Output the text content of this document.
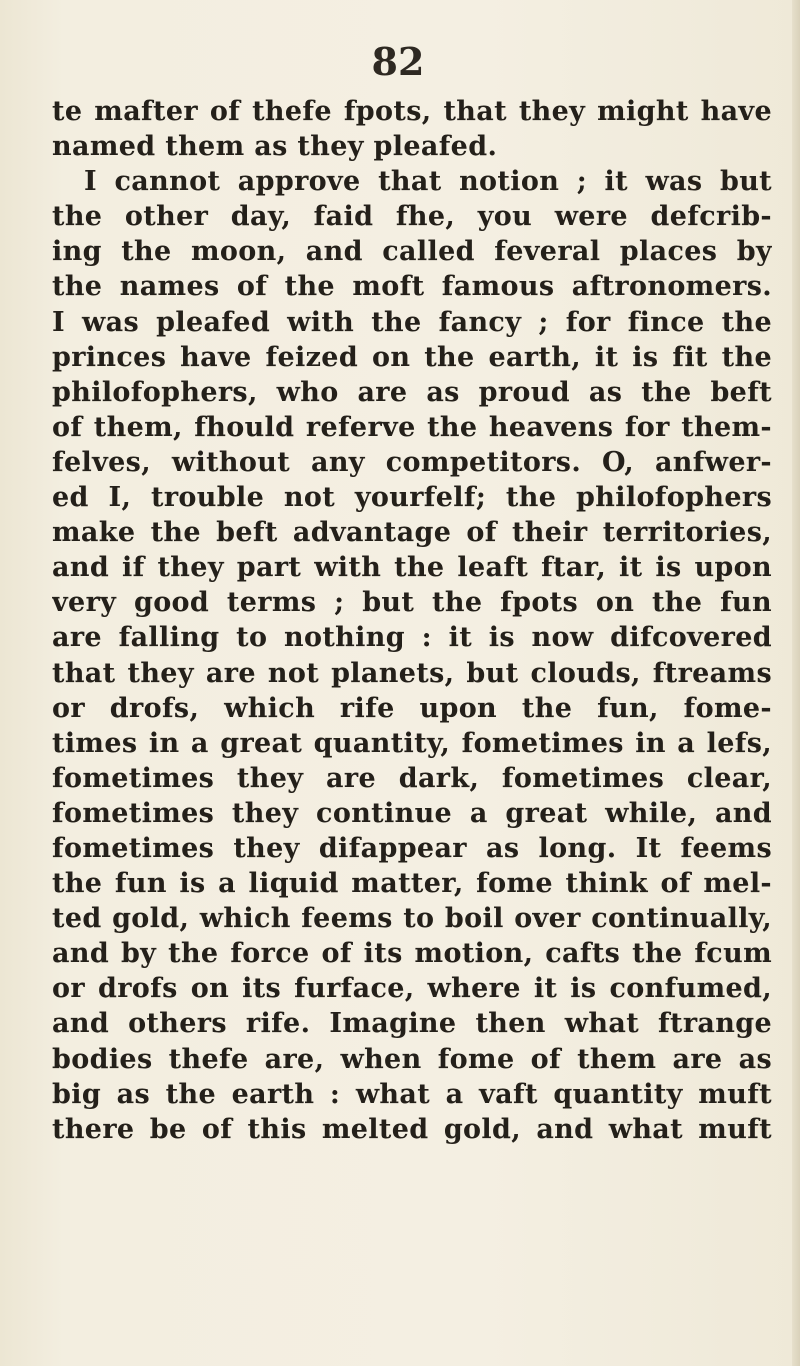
82
te mafter of thefe fpots, that they might have
named them as they pleafed.
I cannot approve that notion ; it was but
the other day, faid fhe, you were defcrib-
ing the moon, and called feveral places by
the names of the moft famous aftronomers.
I was pleafed with the fancy ; for fince the
princes have feized on the earth, it is fit the
philofophers, who are as proud as the beft
of them, fhould referve the heavens for them-
felves, without any competitors. O, anfwer-
ed I, trouble not yourfelf; the philofophers
make the beft advantage of their territories,
and if they part with the leaft ftar, it is upon
very good terms ; but the fpots on the fun
are falling to nothing : it is now difcovered
that they are not planets, but clouds, ftreams
or drofs, which rife upon the fun, fome-
times in a great quantity, fometimes in a lefs,
fometimes they are dark, fometimes clear,
fometimes they continue a great while, and
fometimes they difappear as long. It feems
the fun is a liquid matter, fome think of mel-
ted gold, which feems to boil over continually,
and by the force of its motion, cafts the fcum
or drofs on its furface, where it is confumed,
and others rife. Imagine then what ftrange
bodies thefe are, when fome of them are as
big as the earth : what a vaft quantity muft
there be of this melted gold, and what muft
